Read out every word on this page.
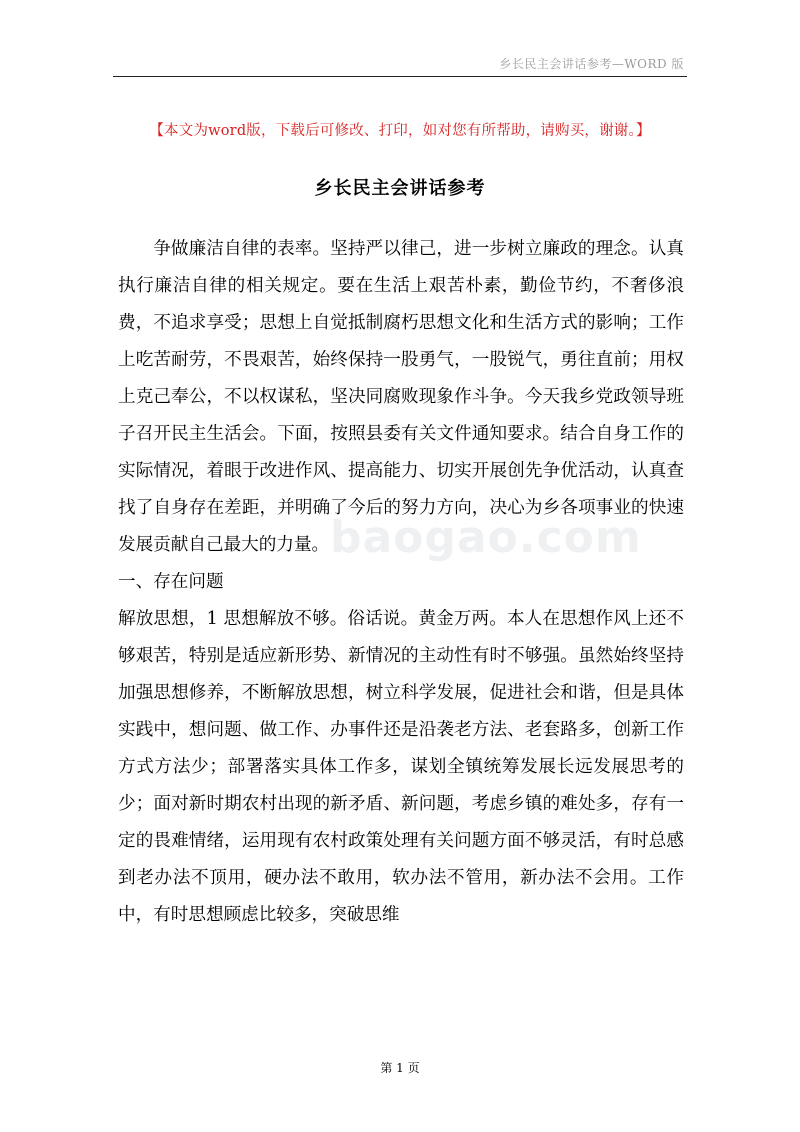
乡长民主会讲话参考—WORD 版
【本文为word版，下载后可修改、打印，如对您有所帮助，请购买，谢谢。】
乡长民主会讲话参考
baogao.com

争做廉洁自律的表率。坚持严以律己，进一步树立廉政的理念。认真执行廉洁自律的相关规定。要在生活上艰苦朴素，勤俭节约，不奢侈浪费，不追求享受；思想上自觉抵制腐朽思想文化和生活方式的影响；工作上吃苦耐劳，不畏艰苦，始终保持一股勇气，一股锐气，勇往直前；用权上克己奉公，不以权谋私，坚决同腐败现象作斗争。今天我乡党政领导班子召开民主生活会。下面，按照县委有关文件通知要求。结合自身工作的实际情况，着眼于改进作风、提高能力、切实开展创先争优活动，认真查找了自身存在差距，并明确了今后的努力方向，决心为乡各项事业的快速发展贡献自己最大的力量。

一、存在问题

解放思想，1 思想解放不够。俗话说。黄金万两。本人在思想作风上还不够艰苦，特别是适应新形势、新情况的主动性有时不够强。虽然始终坚持加强思想修养，不断解放思想，树立科学发展，促进社会和谐，但是具体实践中，想问题、做工作、办事件还是沿袭老方法、老套路多，创新工作方式方法少；部署落实具体工作多，谋划全镇统筹发展长远发展思考的少；面对新时期农村出现的新矛盾、新问题，考虑乡镇的难处多，存有一定的畏难情绪，运用现有农村政策处理有关问题方面不够灵活，有时总感到老办法不顶用，硬办法不敢用，软办法不管用，新办法不会用。工作中，有时思想顾虑比较多，突破思维

第 1 页
